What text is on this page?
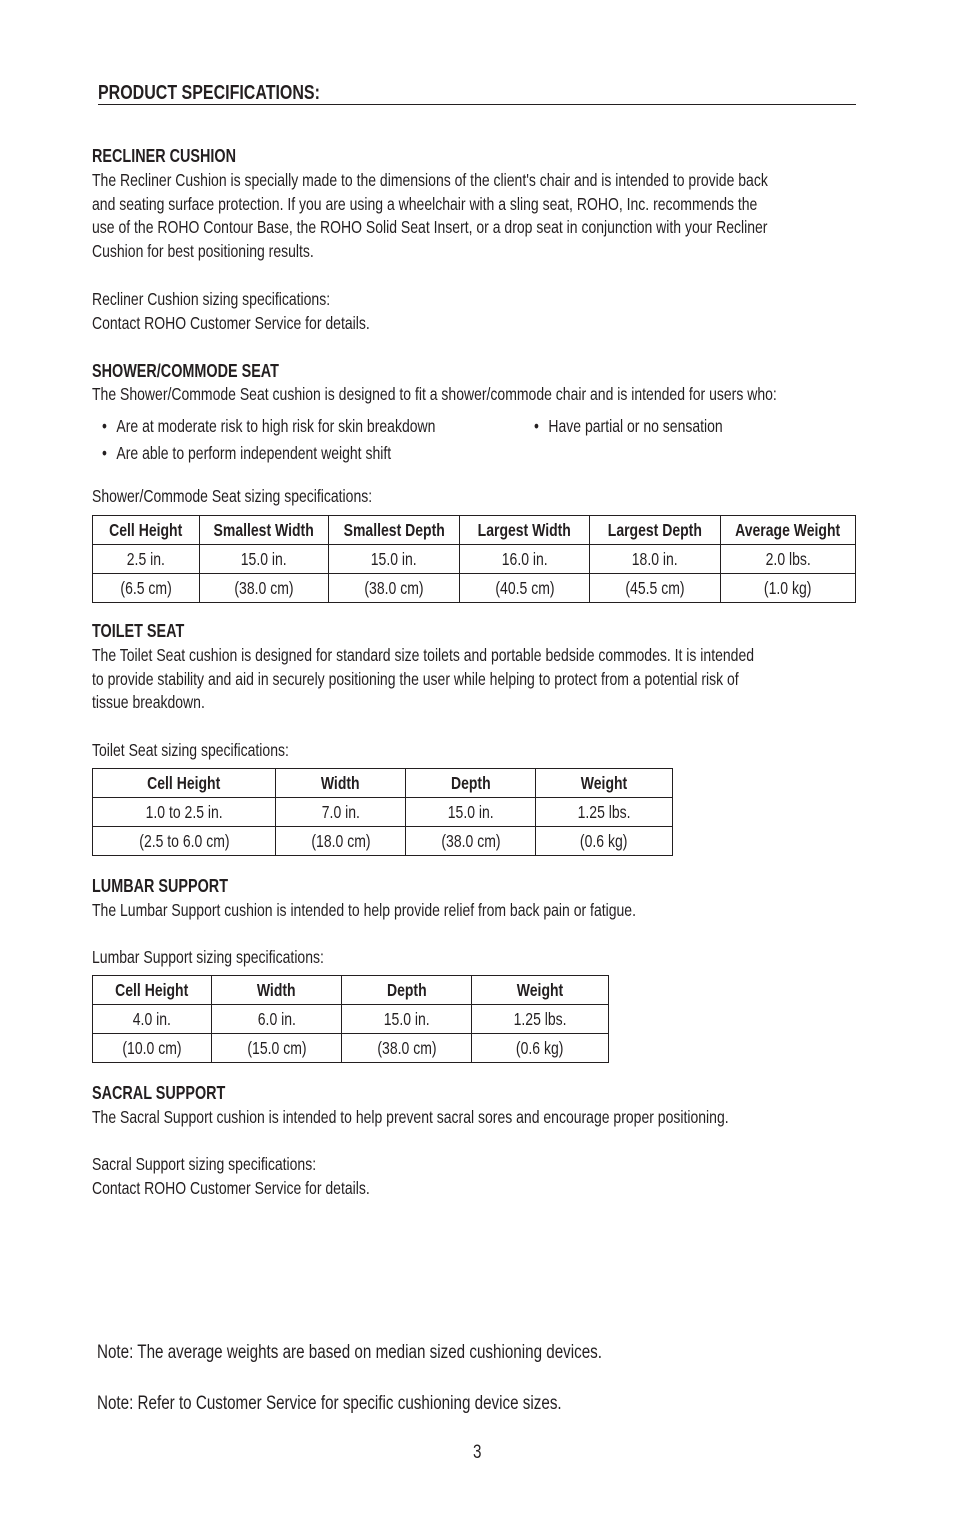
PRODUCT SPECIFICATIONS:
RECLINER CUSHION
The Recliner Cushion is specially made to the dimensions of the client's chair and is intended to provide back
and seating surface protection. If you are using a wheelchair with a sling seat, ROHO, Inc. recommends the
use of the ROHO Contour Base, the ROHO Solid Seat Insert, or a drop seat in conjunction with your Recliner
Cushion for best positioning results.
Recliner Cushion sizing specifications:
Contact ROHO Customer Service for details.
SHOWER/COMMODE SEAT
The Shower/Commode Seat cushion is designed to fit a shower/commode chair and is intended for users who:
• Are at moderate risk to high risk for skin breakdown	• Have partial or no sensation
• Are able to perform independent weight shift
Shower/Commode Seat sizing specifications:
Cell Height	Smallest Width	Smallest Depth	Largest Width	Largest Depth	Average Weight
2.5 in.	15.0 in.	15.0 in.	16.0 in.	18.0 in.	2.0 lbs.
(6.5 cm)	(38.0 cm)	(38.0 cm)	(40.5 cm)	(45.5 cm)	(1.0 kg)
TOILET SEAT
The Toilet Seat cushion is designed for standard size toilets and portable bedside commodes. It is intended
to provide stability and aid in securely positioning the user while helping to protect from a potential risk of
tissue breakdown.
Toilet Seat sizing specifications:
Cell Height	Width	Depth	Weight
1.0 to 2.5 in.	7.0 in.	15.0 in.	1.25 lbs.
(2.5 to 6.0 cm)	(18.0 cm)	(38.0 cm)	(0.6 kg)
LUMBAR SUPPORT
The Lumbar Support cushion is intended to help provide relief from back pain or fatigue.
Lumbar Support sizing specifications:
Cell Height	Width	Depth	Weight
4.0 in.	6.0 in.	15.0 in.	1.25 lbs.
(10.0 cm)	(15.0 cm)	(38.0 cm)	(0.6 kg)
SACRAL SUPPORT
The Sacral Support cushion is intended to help prevent sacral sores and encourage proper positioning.
Sacral Support sizing specifications:
Contact ROHO Customer Service for details.
Note: The average weights are based on median sized cushioning devices.
Note: Refer to Customer Service for specific cushioning device sizes.
3
